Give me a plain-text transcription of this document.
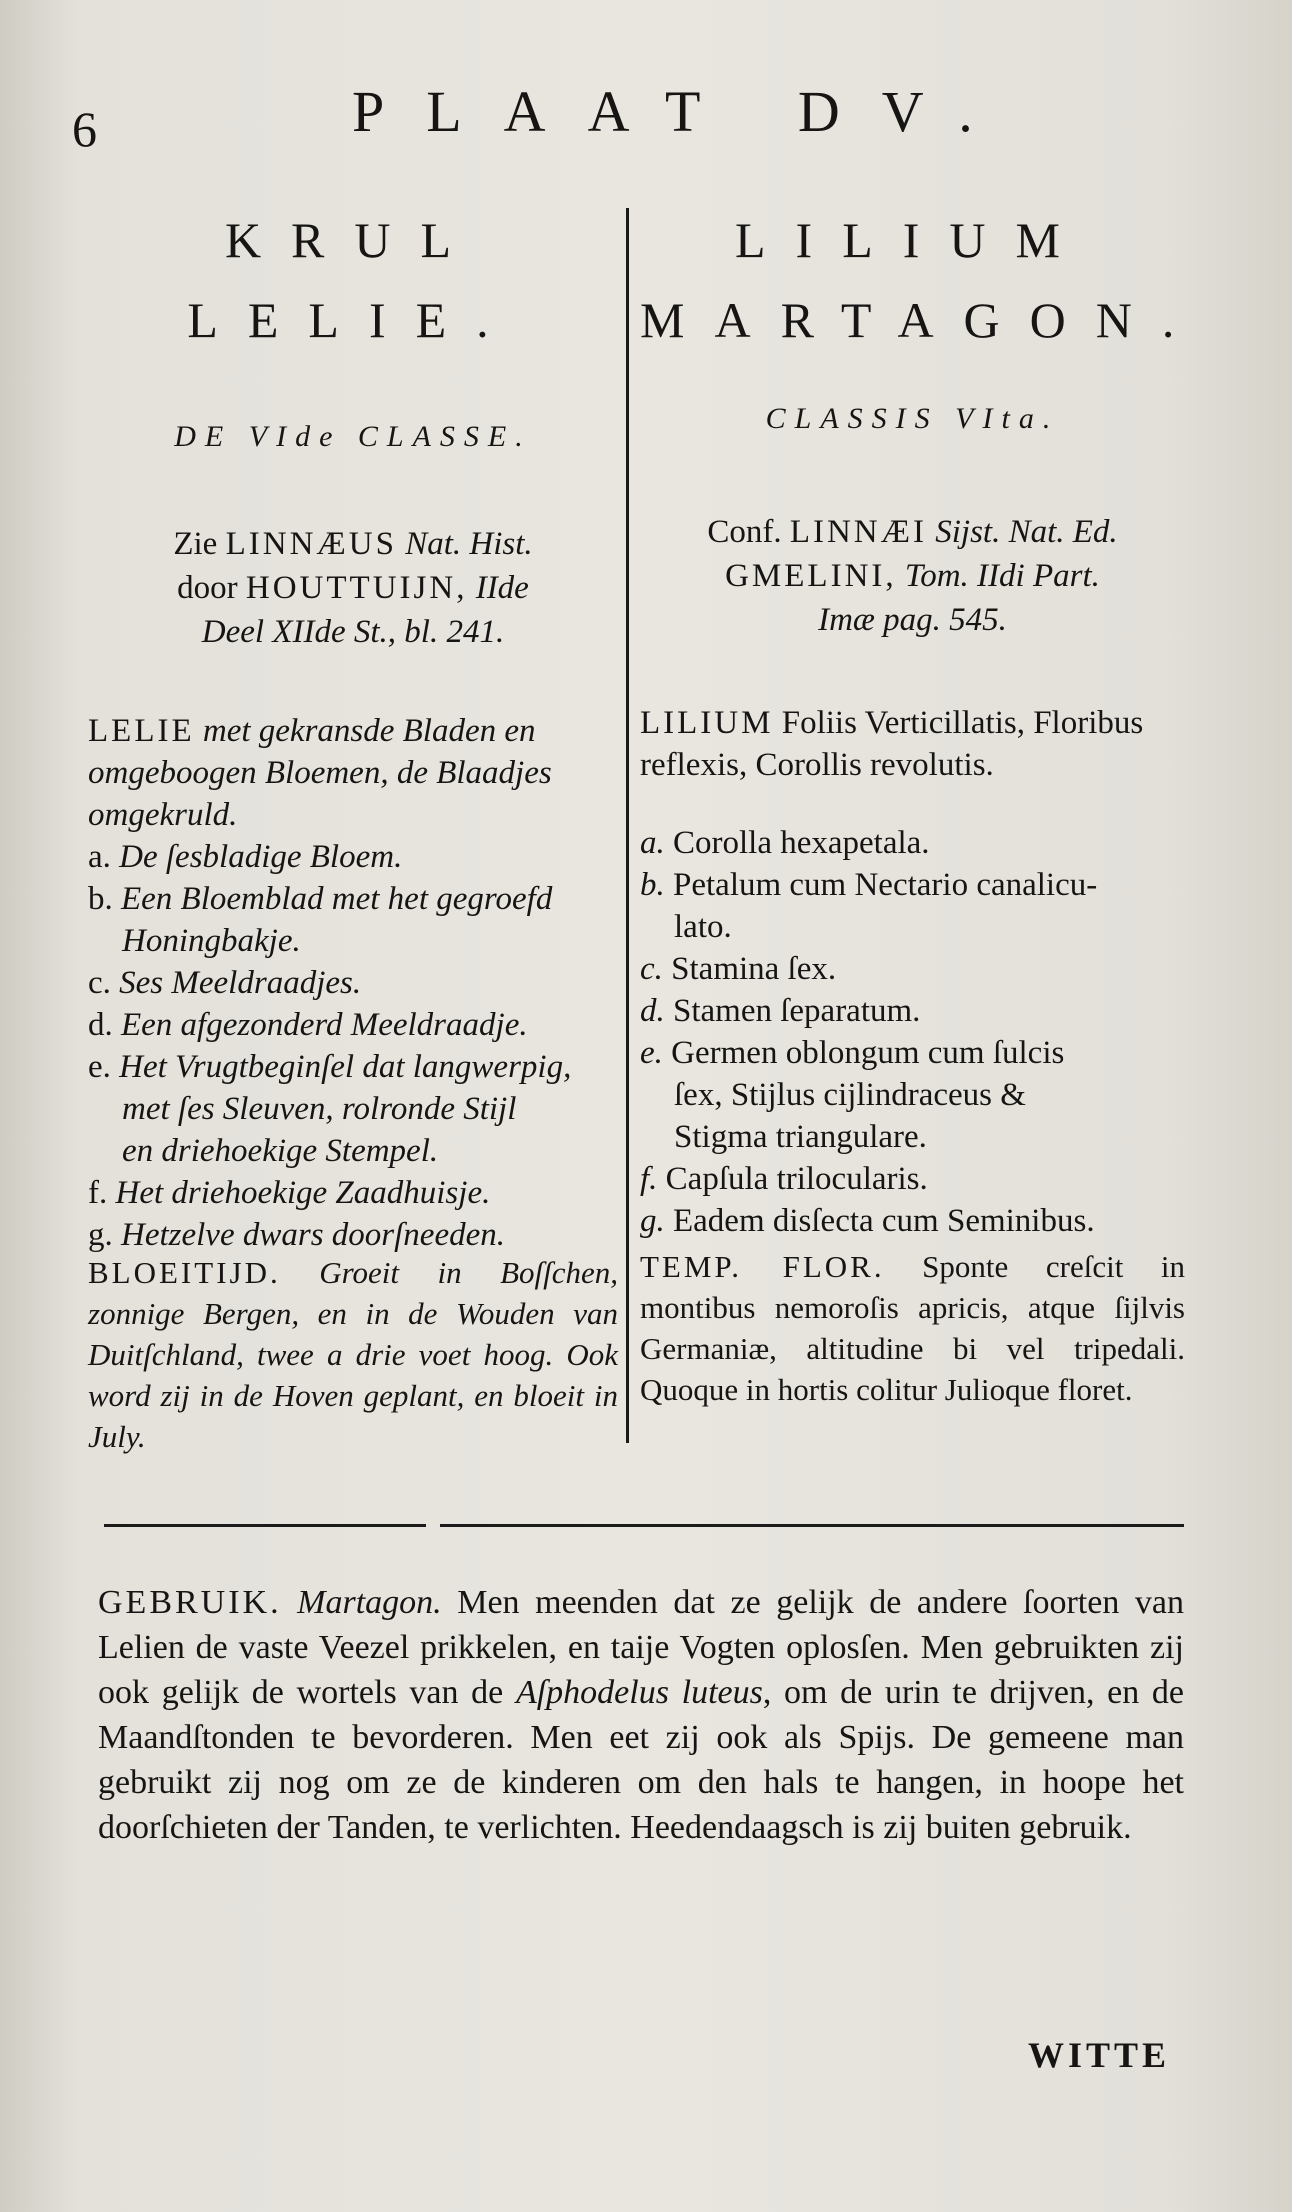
6	PLAAT DV.
KRUL
LELIE.
DE VIde CLASSE.
Zie LINNÆUS Nat. Hist.
door HOUTTUIJN, IIde
Deel XIIde St., bl. 241.
LELIE met gekransde Bladen en omgeboogen Bloemen, de Blaadjes omgekruld.
a. De ſesbladige Bloem.
b. Een Bloemblad met het gegroefd
Honingbakje.
c. Ses Meeldraadjes.
d. Een afgezonderd Meeldraadje.
e. Het Vrugtbeginſel dat langwerpig,
met ſes Sleuven, rolronde Stijl
en driehoekige Stempel.
f. Het driehoekige Zaadhuisje.
g. Hetzelve dwars doorſneeden.
BLOEITIJD. Groeit in Boſſchen, zonnige Bergen, en in de Wouden van Duitſchland, twee a drie voet hoog. Ook word zij in de Hoven geplant, en bloeit in July.
LILIUM
MARTAGON.
CLASSIS VIta.
Conf. LINNÆI Sijst. Nat. Ed.
GMELINI, Tom. IIdi Part.
Imæ pag. 545.
LILIUM Foliis Verticillatis, Floribus reflexis, Corollis revolutis.
a. Corolla hexapetala.
b. Petalum cum Nectario canalicu-
lato.
c. Stamina ſex.
d. Stamen ſeparatum.
e. Germen oblongum cum ſulcis
ſex, Stijlus cijlindraceus &
Stigma triangulare.
f. Capſula trilocularis.
g. Eadem disſecta cum Seminibus.
TEMP. FLOR. Sponte creſcit in montibus nemoroſis apricis, atque ſijlvis Germaniæ, altitudine bi vel tripedali. Quoque in hortis colitur Julioque floret.
GEBRUIK. Martagon. Men meenden dat ze gelijk de andere ſoorten van Lelien de vaste Veezel prikkelen, en taije Vogten oplosſen. Men gebruikten zij ook gelijk de wortels van de Aſphodelus luteus, om de urin te drijven, en de Maandſtonden te bevorderen. Men eet zij ook als Spijs. De gemeene man gebruikt zij nog om ze de kinderen om den hals te hangen, in hoope het doorſchieten der Tanden, te verlichten. Heedendaagsch is zij buiten gebruik.
WITTE
